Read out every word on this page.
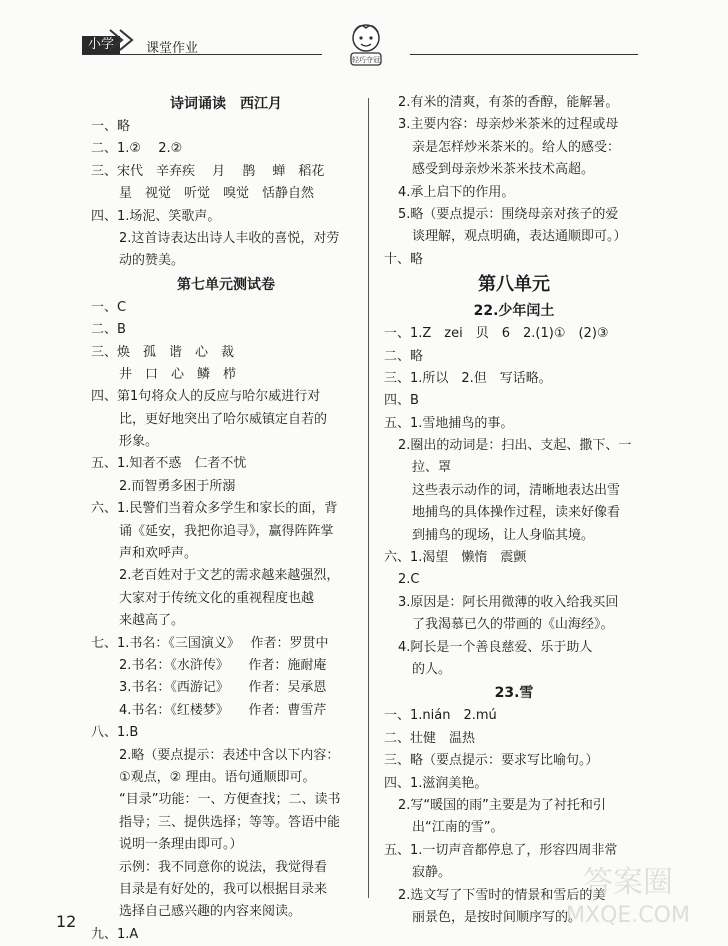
小学	课堂作业
轻巧夺冠
诗词诵读　西江月
一、略
二、1.② 　2.②
三、宋代　辛弃疾　 月　 鹊　 蝉　稻花
星　视觉　听觉　嗅觉　恬静自然
四、1.场泥、笑歌声。
2.这首诗表达出诗人丰收的喜悦，对劳
动的赞美。
第七单元测试卷
一、C
二、B
三、焕　孤　谐　心　裁
井　口　心　鳞　栉
四、第1句将众人的反应与哈尔威进行对
比，更好地突出了哈尔威镇定自若的
形象。
五、1.知者不惑　仁者不忧
2.而智勇多困于所溺
六、1.民警们当着众多学生和家长的面，背
诵《延安，我把你追寻》，赢得阵阵掌
声和欢呼声。
2.老百姓对于文艺的需求越来越强烈，
大家对于传统文化的重视程度也越
来越高了。
七、1.书名：《三国演义》　 作者：罗贯中
2.书名：《水浒传》　　作者：施耐庵
3.书名：《西游记》　　作者：吴承恩
4.书名：《红楼梦》　　作者：曹雪芹
八、1.B
2.略（要点提示：表述中含以下内容：
①观点，② 理由。语句通顺即可。
“目录”功能：一、方便查找；二、读书
指导；三、提供选择；等等。答语中能
说明一条理由即可。）
示例：我不同意你的说法，我觉得看
目录是有好处的，我可以根据目录来
选择自己感兴趣的内容来阅读。
九、1.A
2.有米的清爽，有茶的香醇，能解暑。
3.主要内容：母亲炒米茶米的过程或母
亲是怎样炒米茶米的。给人的感受：
感受到母亲炒米茶米技术高超。
4.承上启下的作用。
5.略（要点提示：围绕母亲对孩子的爱
谈理解，观点明确，表达通顺即可。）
十、略
第八单元
22.少年闰土
一、1.Z　zei　贝　6　2.(1)①　(2)③
二、略
三、1.所以　2.但　写话略。
四、B
五、1.雪地捕鸟的事。
2.圈出的动词是：扫出、支起、撒下、一
拉、罩
这些表示动作的词，清晰地表达出雪
地捕鸟的具体操作过程，读来好像看
到捕鸟的现场，让人身临其境。
六、1.渴望　懒惰　震颤
2.C
3.原因是：阿长用微薄的收入给我买回
了我渴慕已久的带画的《山海经》。
4.阿长是一个善良慈爱、乐于助人
的人。
23.雪
一、1.nián　2.mú
二、壮健　温热
三、略（要点提示：要求写比喻句。）
四、1.滋润美艳。
2.写“暖国的雨”主要是为了衬托和引
出“江南的雪”。
五、1.一切声音都停息了，形容四周非常
寂静。
2.选文写了下雪时的情景和雪后的美
丽景色，是按时间顺序写的。
12
答案圈
MXQE.COM
